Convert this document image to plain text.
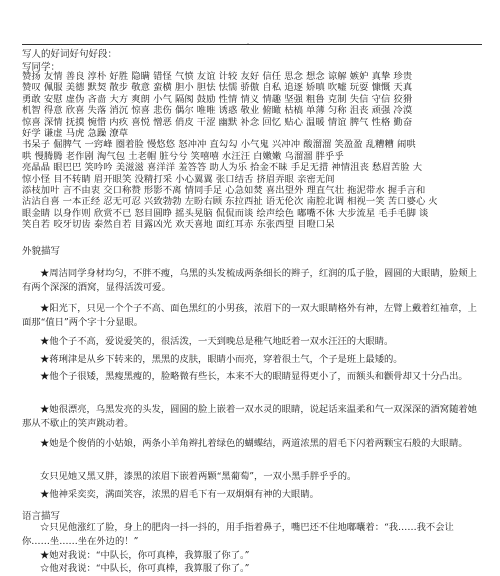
-
写人的好词好句好段：
写同学：
赞扬 友情 善良 淳朴 好胜 隐瞒 错怪 气愤 友谊 计较 友好 信任 思念 想念 谅解 嫉妒 真挚 珍贵
赞叹 佩服 美德 默契 散步 敬意 蛮横 胆小 胆怯 怯懦 骄傲 自私 追逐 娇嗔 吹嘘 玩耍 慷慨 天真
勇敢 安慰 虚伪 吝啬 大方 爽朗 小气 隔阂 鼓励 性情 情义 情趣 坚强 粗鲁 克制 失信 守信 狡猾
机智 得意 欣喜 失落 消沉 惊喜 悲伤 偶尔 唯唯 诱惑 敬业 俯瞰 枯槁 单薄 匀称 沮丧 顽强 冷漠
惊喜 深情 抚摸 惋惜 内疚 喜悦 憎恶 俏皮 干涩 幽默 补念 回忆 贴心 温暖 情谊 脾气 性格 勤奋
好学 谦虚 马虎 急躁 潦草
书呆子 倔脾气 一窍峰 圈着脸 慢悠悠 怒冲冲 直勾勾 小气鬼 兴冲冲 酸溜溜 笑盈盈 乱糟糟 闹哄
哄 慢腾腾 老作剧 淘气包 土老帽 脏兮兮 笑嘻嘻 水汪汪 白嫩嫩 乌溜溜 胖乎乎
亮晶晶 眼巴巴 笑吟吟 美滋滋 喜洋洋 羞答答 助人为乐 拾金不昧 手足无措 神情沮丧 愁眉苦脸 大
惊小怪 目不转睛 眉开眼笑 没精打采 小心翼翼 张口结舌 挤眉弄眼 亲密无间
添枝加叶 言不由衷 交口称赞 形影不离 情同手足 心急如焚 喜出望外 理直气壮 拖泥带水 握手言和
沾沾自喜 一本正经 忍无可忍 兴致勃勃 左盼右顾 东拉西扯 语无伦次 南腔北调 相视一笑 苦口婆心 火
眼金睛 以身作则 欣赏不已 怒目圆睁 摇头晃脑 侃侃而谈 绘声绘色 嘟嘴不休 大步流星 毛手毛脚 谈
笑自若 咬牙切齿 泰然自若 目露凶光 欢天喜地 面红耳赤 东张西望 目瞪口呆
外貌描写
★周洁同学身材均匀，不胖不瘦，乌黑的头发梳成两条细长的辫子，红润的瓜子脸，圆圆的大眼睛，脸颊上有两个深深的酒窝，显得活泼可爱。
★阳光下，只见一个个子不高、面色黑红的小男孩，浓眉下的一双大眼睛格外有神，左臂上戴着红袖章，上面那“值日”两个字十分显眼。
★他个子不高，爱说爱笑的，很活泼，一天到晚总是稚气地眨着一双水汪汪的大眼睛。
★蒋琍津是从乡下转来的，黑黑的皮肤，眼睛小而亮，穿着很土气，个子是班上最矮的。
★他个子很矮，黑瘦黑瘦的，脸略微有些长，本来不大的眼睛显得更小了，而额头和颧骨却又十分凸出。
★她很漂亮，乌黑发亮的头发，圆圆的脸上嵌着一双水灵的眼睛，说起话来温柔和气一双深深的酒窝随着她那从不歇止的笑声跳动着。
★她是个俊俏的小姑娘，两条小羊角辫扎着绿色的蝴蝶结，两道浓黑的眉毛下闪着两颗宝石般的大眼睛。
女只见她又黑又胖，漆黑的浓眉下嵌着两颗“黑葡萄”，一双小黑手胖乎乎的。
★他神采奕奕，满面笑容，浓黑的眉毛下有一双炯炯有神的大眼睛。
语言描写
☆只见他涨红了脸，身上的肥肉一抖一抖的，用手指着鼻子，嘴巴还不住地嘟囔着：“我……我不会让你……坐……坐在外边的！”
★她对我说：“中队长，你可真棒，我算服了你了。”
☆他对我说：“中队长，你可真棒，我算服了你了。”
